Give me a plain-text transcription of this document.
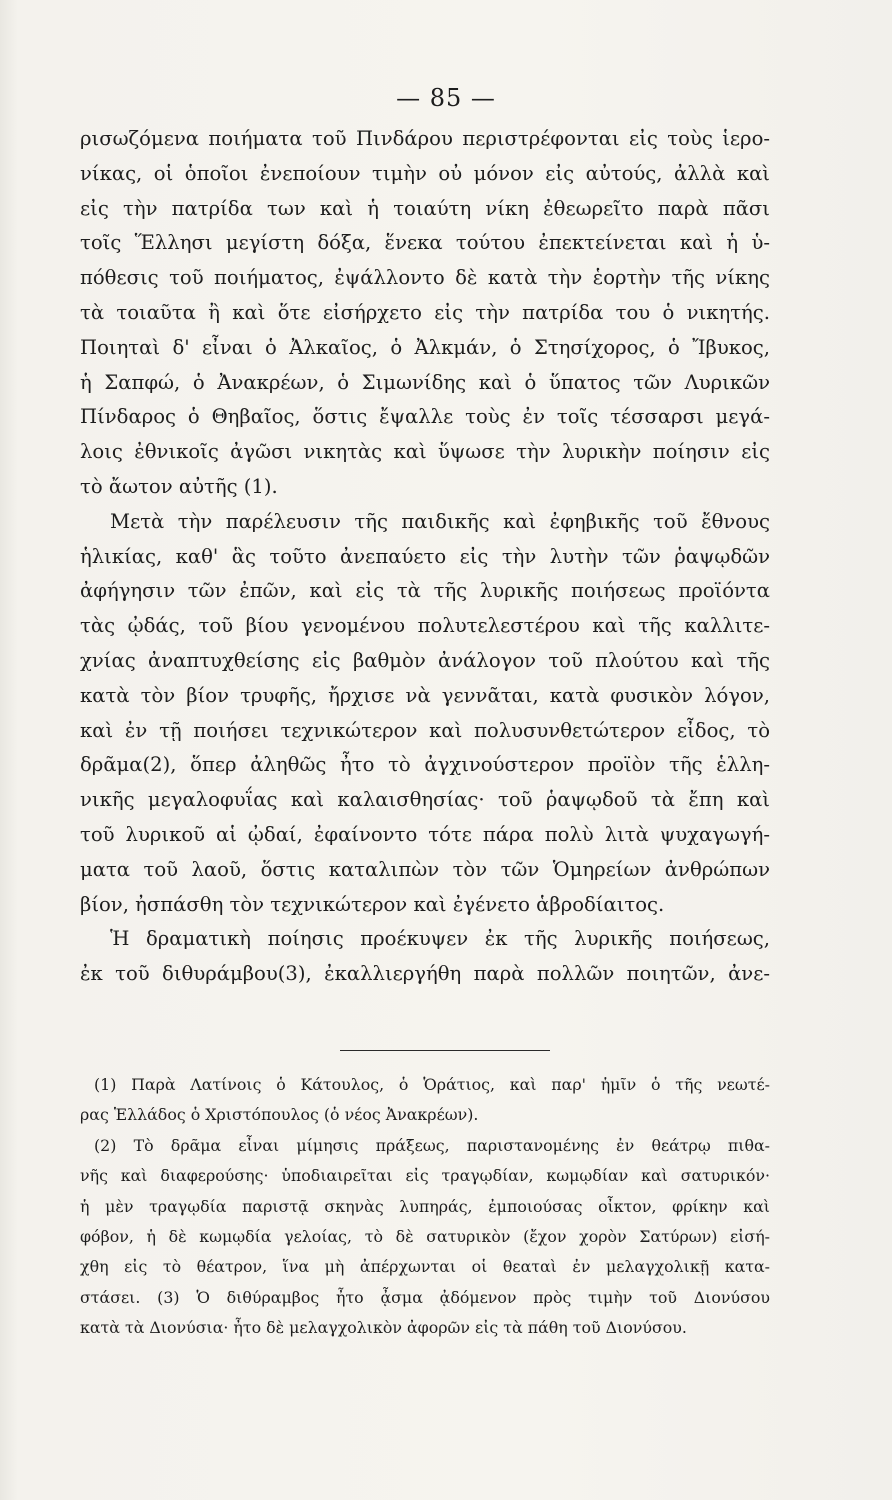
— 85 —
ρισωζόμενα ποιήματα τοῦ Πινδάρου περιστρέφονται εἰς τοὺς ἱερο-
νίκας, οἱ ὁποῖοι ἐνεποίουν τιμὴν οὐ μόνον εἰς αὐτούς, ἀλλὰ καὶ
εἰς τὴν πατρίδα των καὶ ἡ τοιαύτη νίκη ἐθεωρεῖτο παρὰ πᾶσι
τοῖς Ἕλλησι μεγίστη δόξα, ἕνεκα τούτου ἐπεκτείνεται καὶ ἡ ὑ-
πόθεσις τοῦ ποιήματος, ἐψάλλοντο δὲ κατὰ τὴν ἑορτὴν τῆς νίκης
τὰ τοιαῦτα ἢ καὶ ὅτε εἰσήρχετο εἰς τὴν πατρίδα του ὁ νικητής.
Ποιηταὶ δ' εἶναι ὁ Ἀλκαῖος, ὁ Ἀλκμάν, ὁ Στησίχορος, ὁ Ἴβυκος,
ἡ Σαπφώ, ὁ Ἀνακρέων, ὁ Σιμωνίδης καὶ ὁ ὕπατος τῶν Λυρικῶν
Πίνδαρος ὁ Θηβαῖος, ὅστις ἔψαλλε τοὺς ἐν τοῖς τέσσαρσι μεγά-
λοις ἐθνικοῖς ἀγῶσι νικητὰς καὶ ὕψωσε τὴν λυρικὴν ποίησιν εἰς
τὸ ἄωτον αὐτῆς (1).
Μετὰ τὴν παρέλευσιν τῆς παιδικῆς καὶ ἐφηβικῆς τοῦ ἔθνους
ἡλικίας, καθ' ἃς τοῦτο ἀνεπαύετο εἰς τὴν λυτὴν τῶν ῥαψῳδῶν
ἀφήγησιν τῶν ἐπῶν, καὶ εἰς τὰ τῆς λυρικῆς ποιήσεως προϊόντα
τὰς ᾠδάς, τοῦ βίου γενομένου πολυτελεστέρου καὶ τῆς καλλιτε-
χνίας ἀναπτυχθείσης εἰς βαθμὸν ἀνάλογον τοῦ πλούτου καὶ τῆς
κατὰ τὸν βίον τρυφῆς, ἤρχισε νὰ γεννᾶται, κατὰ φυσικὸν λόγον,
καὶ ἐν τῇ ποιήσει τεχνικώτερον καὶ πολυσυνθετώτερον εἶδος, τὸ
δρᾶμα(2), ὅπερ ἀληθῶς ἦτο τὸ ἀγχινούστερον προϊὸν τῆς ἑλλη-
νικῆς μεγαλοφυΐας καὶ καλαισθησίας· τοῦ ῥαψῳδοῦ τὰ ἔπη καὶ
τοῦ λυρικοῦ αἱ ᾠδαί, ἐφαίνοντο τότε πάρα πολὺ λιτὰ ψυχαγωγή-
ματα τοῦ λαοῦ, ὅστις καταλιπὼν τὸν τῶν Ὁμηρείων ἀνθρώπων
βίον, ἠσπάσθη τὸν τεχνικώτερον καὶ ἐγένετο ἁβροδίαιτος.
Ἡ δραματικὴ ποίησις προέκυψεν ἐκ τῆς λυρικῆς ποιήσεως,
ἐκ τοῦ διθυράμβου(3), ἐκαλλιεργήθη παρὰ πολλῶν ποιητῶν, ἀνε-
(1) Παρὰ Λατίνοις ὁ Κάτουλος, ὁ Ὁράτιος, καὶ παρ' ἡμῖν ὁ τῆς νεωτέ-
ρας Ἑλλάδος ὁ Χριστόπουλος (ὁ νέος Ἀνακρέων).
(2) Τὸ δρᾶμα εἶναι μίμησις πράξεως, παριστανομένης ἐν θεάτρῳ πιθα-
νῆς καὶ διαφερούσης· ὑποδιαιρεῖται εἰς τραγῳδίαν, κωμῳδίαν καὶ σατυρικόν·
ἡ μὲν τραγῳδία παριστᾷ σκηνὰς λυπηράς, ἐμποιούσας οἶκτον, φρίκην καὶ
φόβον, ἡ δὲ κωμῳδία γελοίας, τὸ δὲ σατυρικὸν (ἔχον χορὸν Σατύρων) εἰσή-
χθη εἰς τὸ θέατρον, ἵνα μὴ ἀπέρχωνται οἱ θεαταὶ ἐν μελαγχολικῇ κατα-
στάσει. (3) Ὁ διθύραμβος ἦτο ᾆσμα ᾀδόμενον πρὸς τιμὴν τοῦ Διονύσου
κατὰ τὰ Διονύσια· ἦτο δὲ μελαγχολικὸν ἀφορῶν εἰς τὰ πάθη τοῦ Διονύσου.
